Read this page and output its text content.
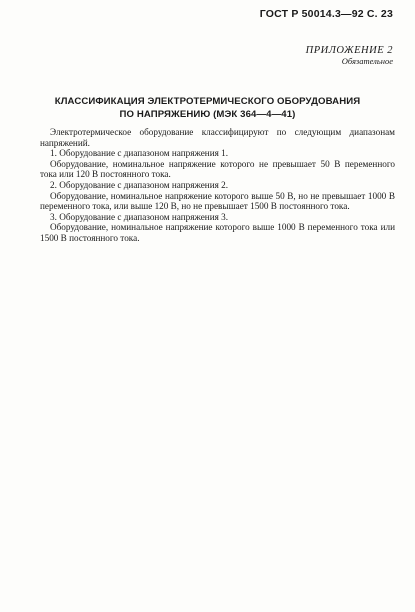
ГОСТ Р 50014.3—92 С. 23
ПРИЛОЖЕНИЕ 2
Обязательное
КЛАССИФИКАЦИЯ ЭЛЕКТРОТЕРМИЧЕСКОГО ОБОРУДОВАНИЯ
ПО НАПРЯЖЕНИЮ (МЭК 364—4—41)

Электротермическое оборудование классифицируют по следующим диапазонам напряжений.

1. Оборудование с диапазоном напряжения 1.

Оборудование, номинальное напряжение которого не превышает 50 В переменного тока или 120 В постоянного тока.

2. Оборудование с диапазоном напряжения 2.

Оборудование, номинальное напряжение которого выше 50 В, но не превышает 1000 В переменного тока, или выше 120 В, но не превышает 1500 В постоянного тока.

3. Оборудование с диапазоном напряжения 3.

Оборудование, номинальное напряжение которого выше 1000 В переменного тока или 1500 В постоянного тока.
